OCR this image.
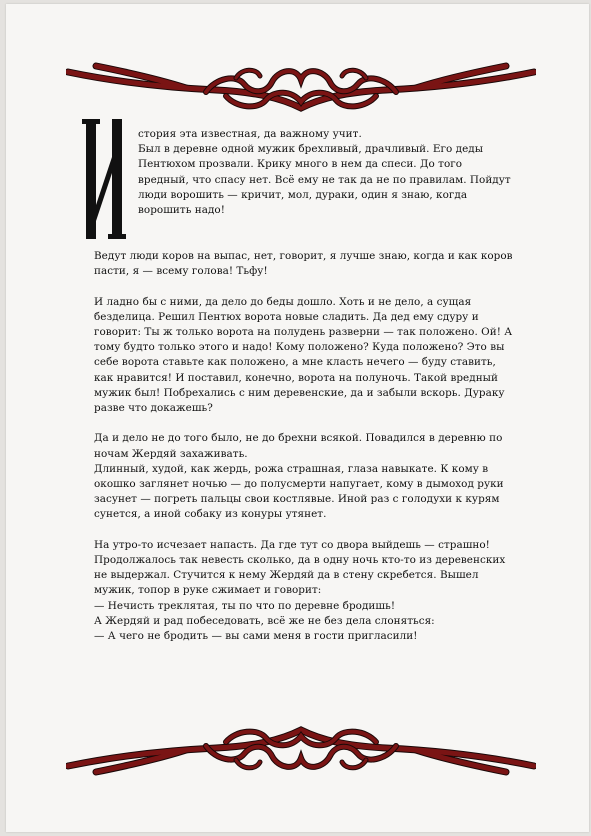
стория эта известная, да важному учит.
Был в деревне одной мужик брехливый, драчливый. Его деды Пентюхом прозвали. Крику много в нем да спеси. До того вредный, что спасу нет. Всё ему не так да не по правилам. Пойдут люди ворошить — кричит, мол, дураки, один я знаю, когда ворошить надо!

Ведут люди коров на выпас, нет, говорит, я лучше знаю, когда и как коров пасти, я — всему голова! Тьфу!

И ладно бы с ними, да дело до беды дошло. Хоть и не дело, а сущая безделица. Решил Пентюх ворота новые сладить. Да дед ему сдуру и говорит: Ты ж только ворота на полудень разверни — так положено. Ой! А тому будто только этого и надо! Кому положено? Куда положено? Это вы себе ворота ставьте как положено, а мне класть нечего — буду ставить, как нравится! И поставил, конечно, ворота на полуночь. Такой вредный мужик был! Побрехались с ним деревенские, да и забыли вскорь. Дураку разве что докажешь?

Да и дело не до того было, не до брехни всякой. Повадился в деревню по ночам Жердяй захаживать.
Длинный, худой, как жердь, рожа страшная, глаза навыкате. К кому в окошко заглянет ночью — до полусмерти напугает, кому в дымоход руки засунет — погреть пальцы свои костлявые. Иной раз с голодухи к курям сунется, а иной собаку из конуры утянет.

На утро-то исчезает напасть. Да где тут со двора выйдешь — страшно!
Продолжалось так невесть сколько, да в одну ночь кто-то из деревенских не выдержал. Стучится к нему Жердяй да в стену скребется. Вышел мужик, топор в руке сжимает и говорит:
— Нечисть треклятая, ты по что по деревне бродишь!
А Жердяй и рад побеседовать, всё же не без дела слоняться:
— А чего не бродить — вы сами меня в гости пригласили!
